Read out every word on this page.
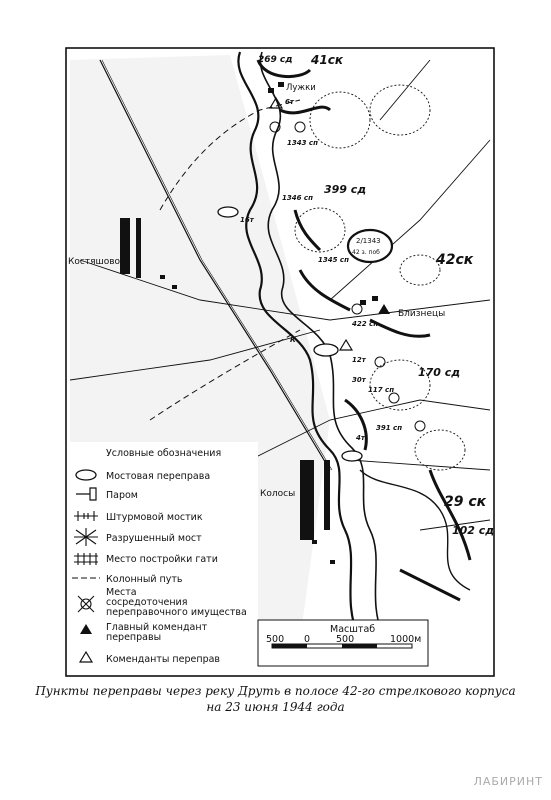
2/1343
42 з. поб
269 сд 41ск
399 сд
42ск
170 сд
29 ск
102 сд
1343 сп
1346 сп
1345 сп
422 сп
117 сп
391 сп
Лужки
Костяшово
Близнецы
Колосы
6т
16т
12т
30т
4т
К
Условные обозначения
Мостовая переправа
Паром
Штурмовой мостик
Разрушенный мост
Место постройки гати
Колонный путь
Места сосредоточения переправочного имущества
Главный комендант переправы
Коменданты переправ
Масштаб
500 0	500	1000м
Пункты переправы через реку Друть в полосе 42-го стрелкового корпуса
на 23 июня 1944 года
ЛАБИРИНТ
